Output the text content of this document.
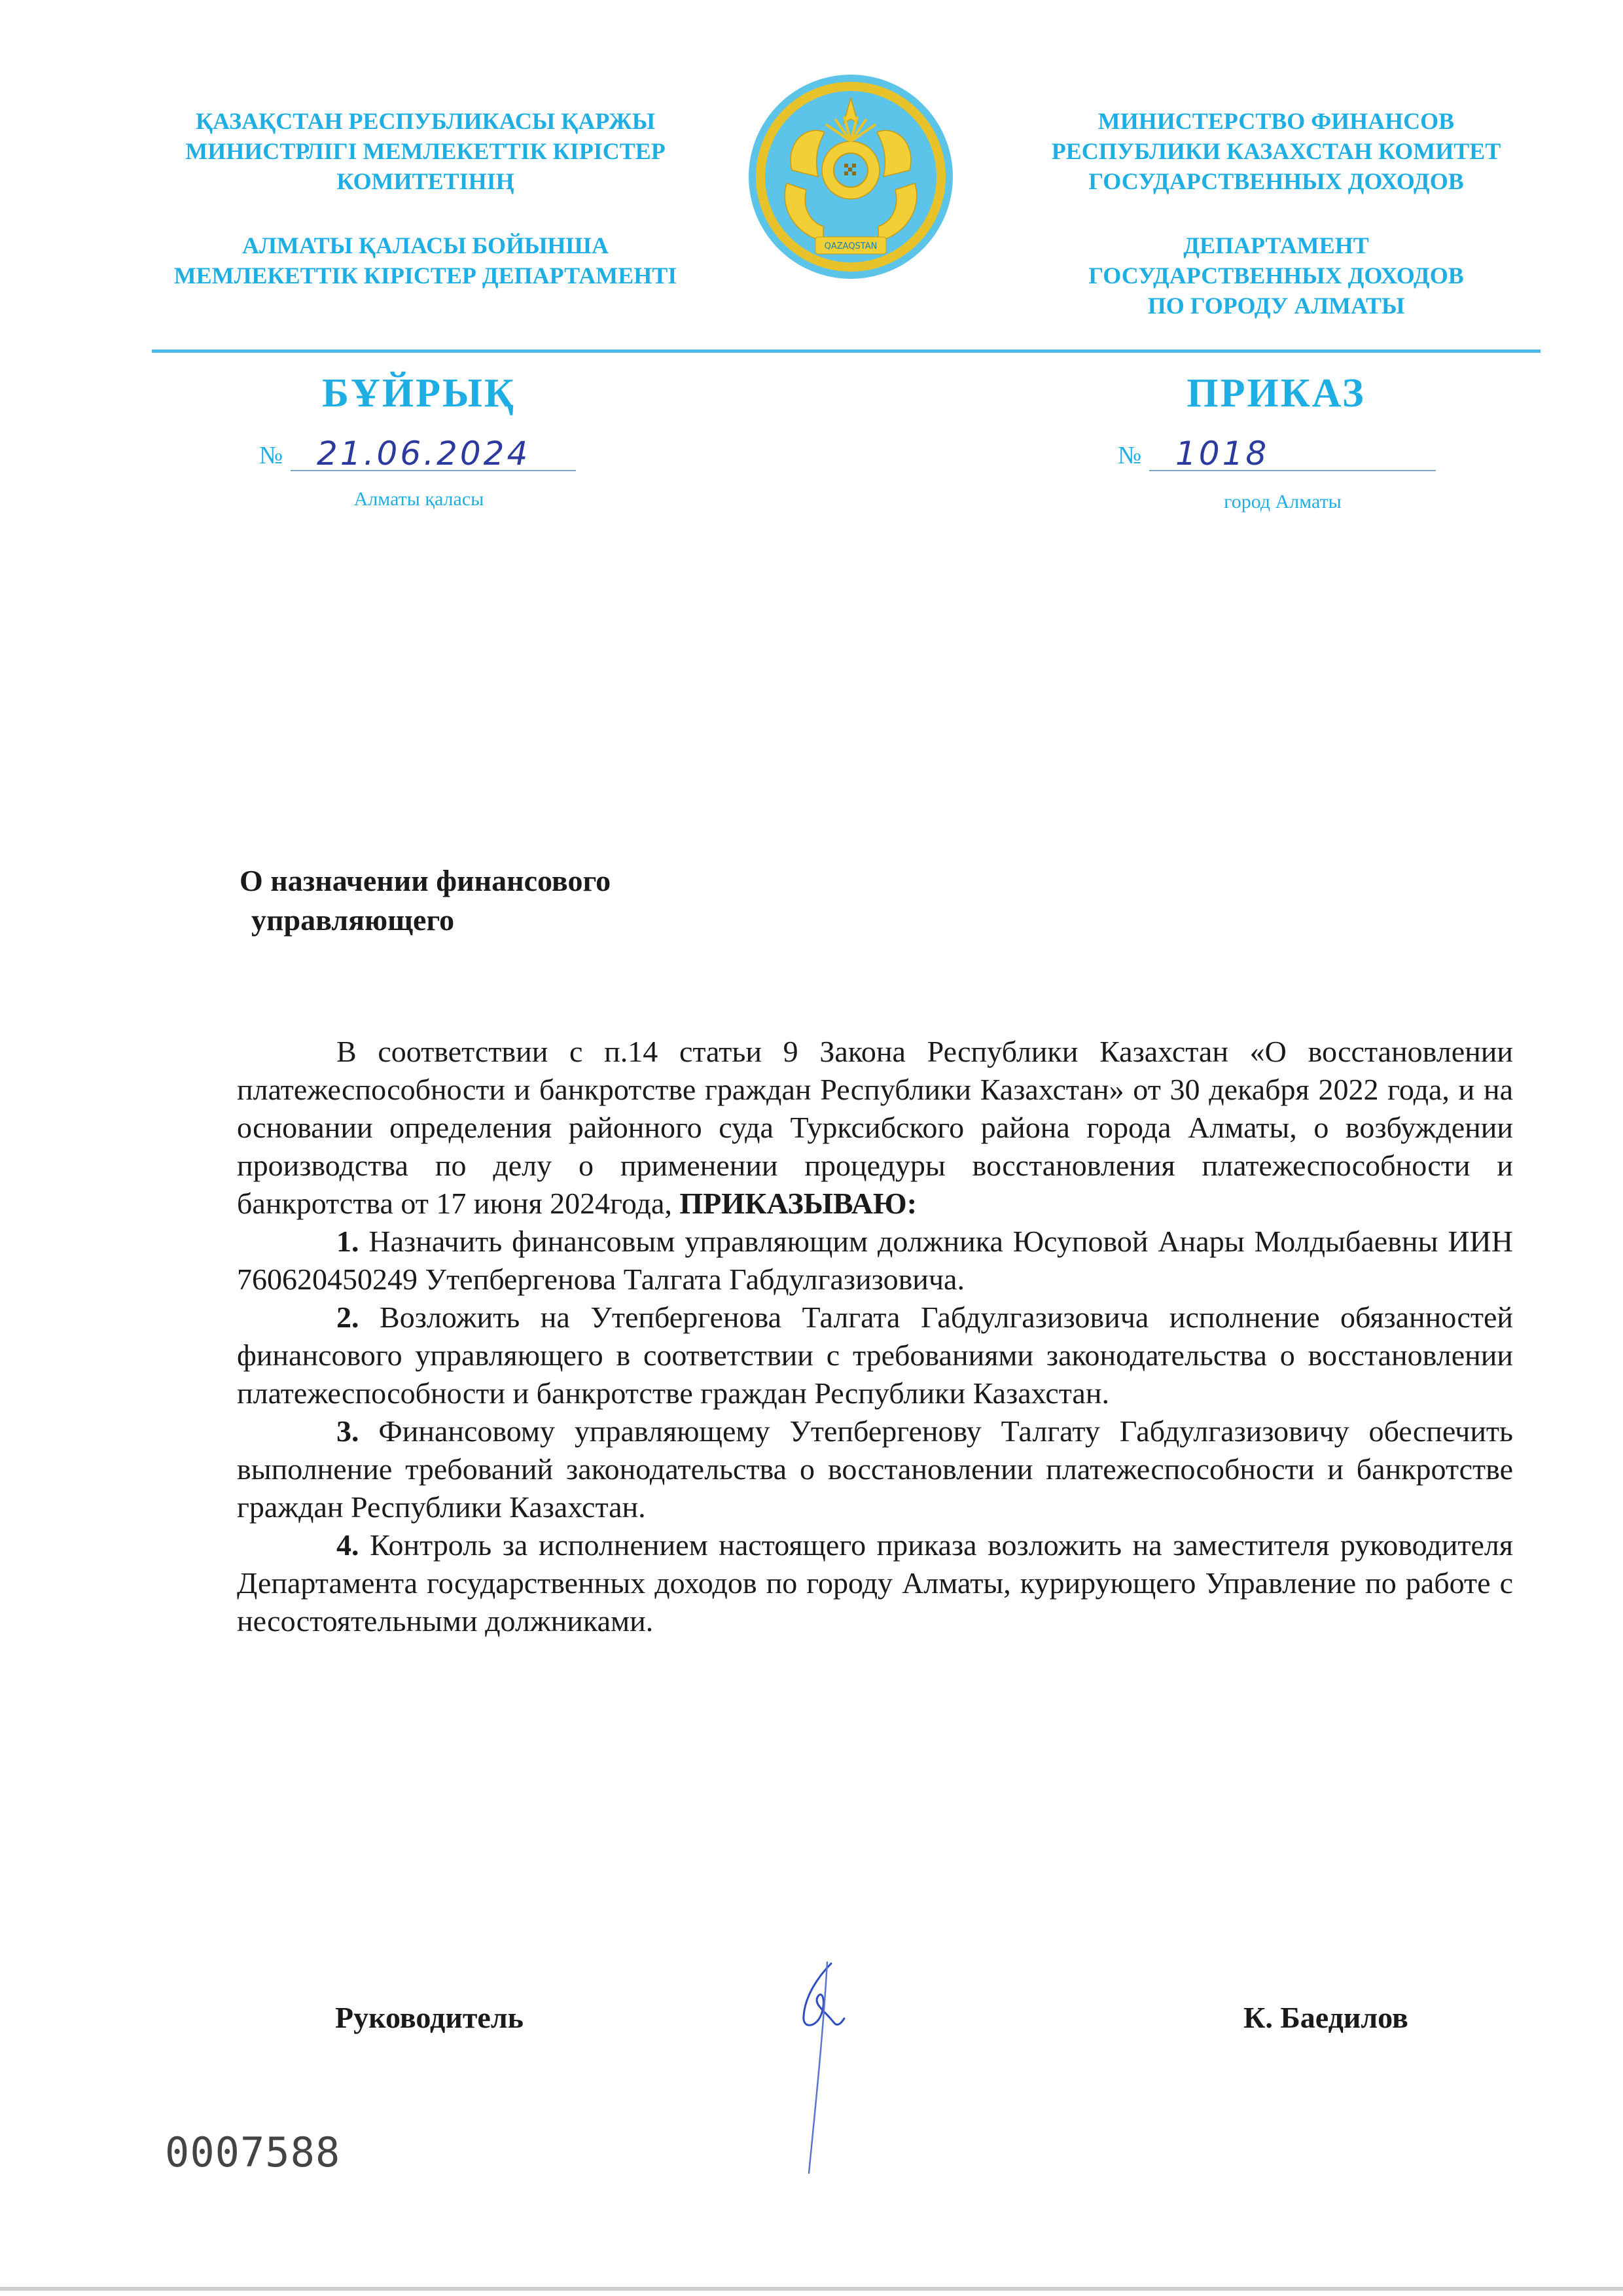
ҚАЗАҚСТАН РЕСПУБЛИКАСЫ ҚАРЖЫ
МИНИСТРЛІГІ МЕМЛЕКЕТТІК КІРІСТЕР
КОМИТЕТІНІҢ
АЛМАТЫ ҚАЛАСЫ БОЙЫНША
МЕМЛЕКЕТТІК КІРІСТЕР ДЕПАРТАМЕНТІ
QAZAQSTAN
МИНИСТЕРСТВО ФИНАНСОВ
РЕСПУБЛИКИ КАЗАХСТАН КОМИТЕТ
ГОСУДАРСТВЕННЫХ ДОХОДОВ
ДЕПАРТАМЕНТ
ГОСУДАРСТВЕННЫХ ДОХОДОВ
ПО ГОРОДУ АЛМАТЫ
БҰЙРЫҚ	ПРИКАЗ
№ 21.06.2024	№ 1018
Алматы қаласы	город Алматы
О назначении финансового
управляющего

В соответствии с п.14 статьи 9 Закона Республики Казахстан «О восстановлении платежеспособности и банкротстве граждан Республики Казахстан» от 30 декабря 2022 года, и на основании определения районного суда Турксибского района города Алматы, о возбуждении производства по делу о применении процедуры восстановления платежеспособности и банкротства от 17 июня 2024года, ПРИКАЗЫВАЮ:

1. Назначить финансовым управляющим должника Юсуповой Анары Молдыбаевны ИИН 760620450249 Утепбергенова Талгата Габдулгазизовича.

2. Возложить на Утепбергенова Талгата Габдулгазизовича исполнение обязанностей финансового управляющего в соответствии с требованиями законодательства о восстановлении платежеспособности и банкротстве граждан Республики Казахстан.

3. Финансовому управляющему Утепбергенову Талгату Габдулгазизовичу обеспечить выполнение требований законодательства о восстановлении платежеспособности и банкротстве граждан Республики Казахстан.

4. Контроль за исполнением настоящего приказа возложить на заместителя руководителя Департамента государственных доходов по городу Алматы, курирующего Управление по работе с несостоятельными должниками.

Руководитель	К. Баедилов
0007588
